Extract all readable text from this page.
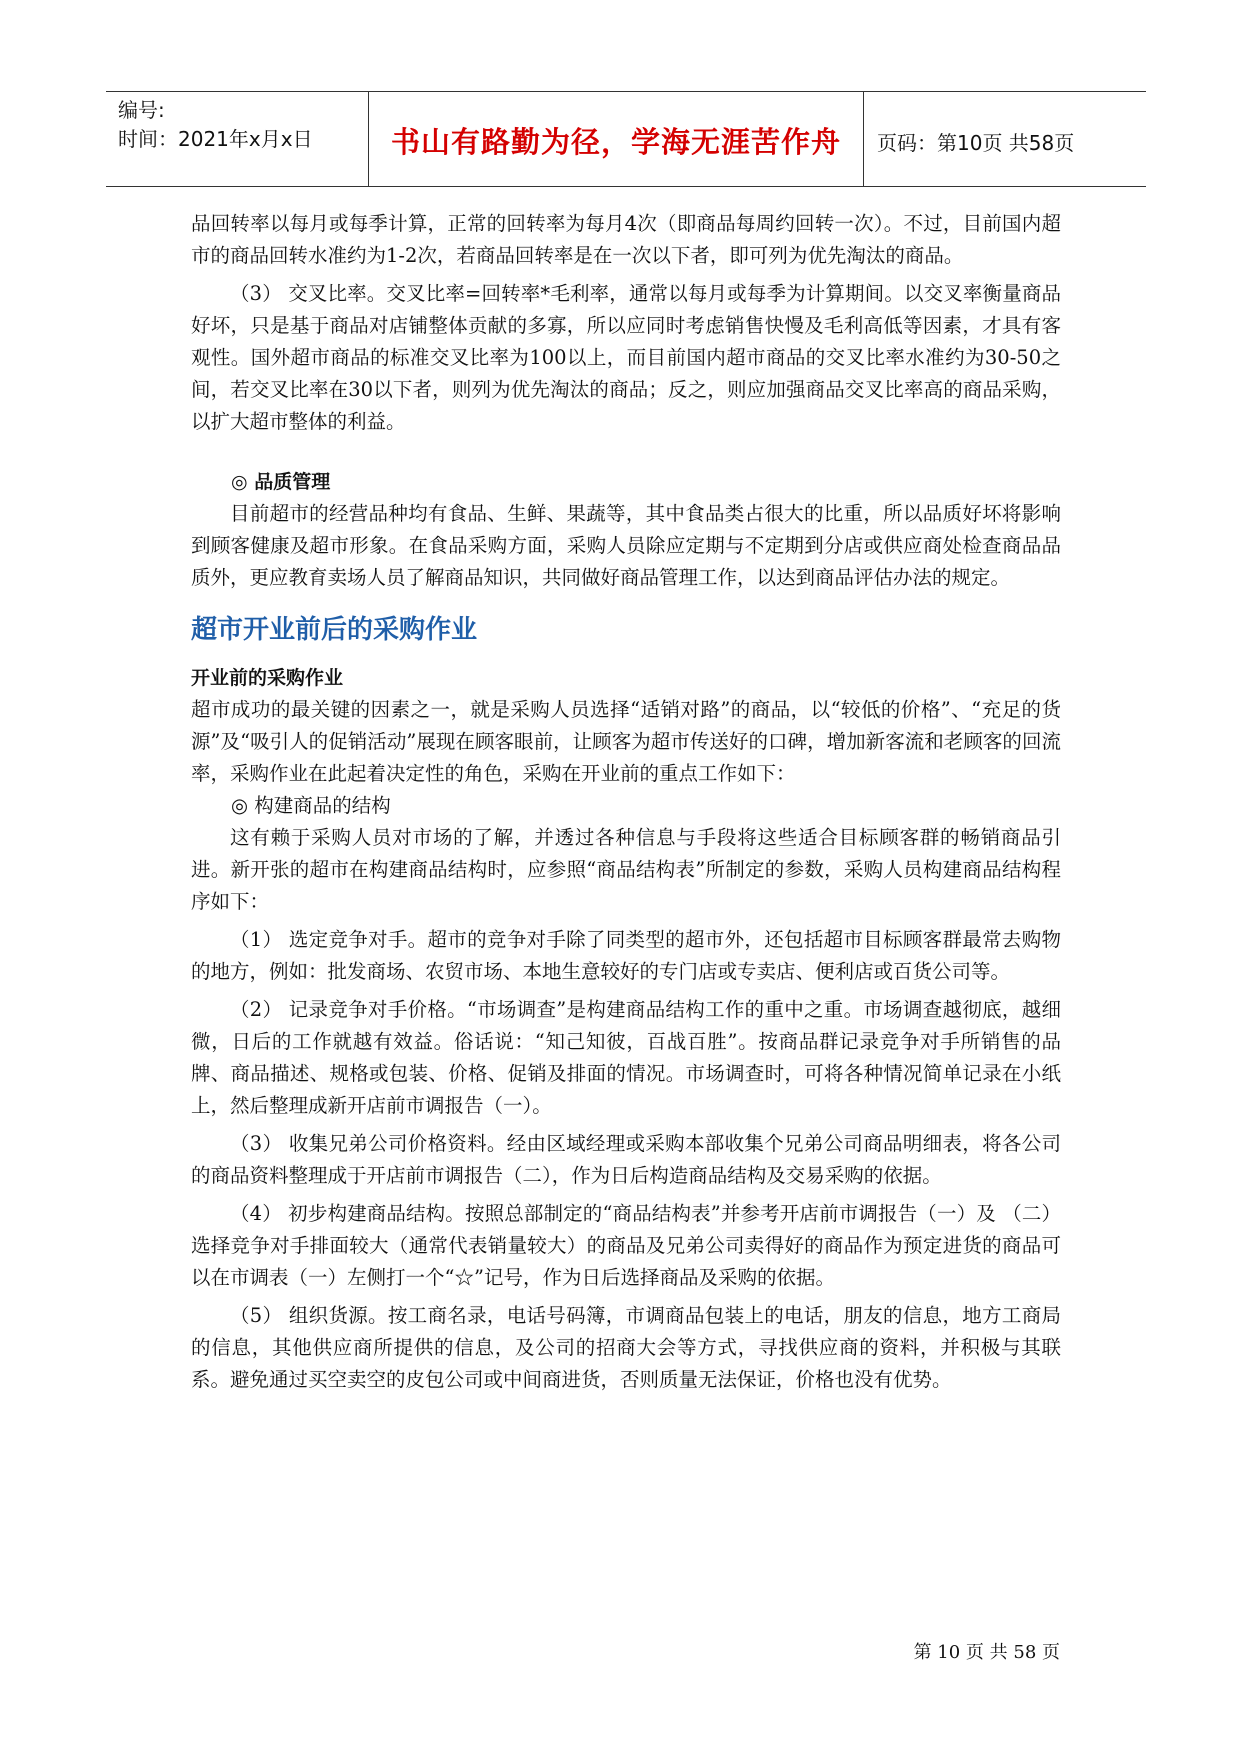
编号:
时间：2021年x月x日	书山有路勤为径，学海无涯苦作舟	页码：第10页 共58页

品回转率以每月或每季计算，正常的回转率为每月4次（即商品每周约回转一次）。不过，目前国内超市的商品回转水准约为1-2次，若商品回转率是在一次以下者，即可列为优先淘汰的商品。

（3） 交叉比率。交叉比率=回转率*毛利率，通常以每月或每季为计算期间。以交叉率衡量商品好坏，只是基于商品对店铺整体贡献的多寡，所以应同时考虑销售快慢及毛利高低等因素，才具有客观性。国外超市商品的标准交叉比率为100以上，而目前国内超市商品的交叉比率水准约为30-50之间，若交叉比率在30以下者，则列为优先淘汰的商品；反之，则应加强商品交叉比率高的商品采购，以扩大超市整体的利益。

◎ 品质管理

目前超市的经营品种均有食品、生鲜、果蔬等，其中食品类占很大的比重，所以品质好坏将影响到顾客健康及超市形象。在食品采购方面，采购人员除应定期与不定期到分店或供应商处检查商品品质外，更应教育卖场人员了解商品知识，共同做好商品管理工作，以达到商品评估办法的规定。

超市开业前后的采购作业
开业前的采购作业

超市成功的最关键的因素之一，就是采购人员选择“适销对路”的商品，以“较低的价格”、“充足的货源”及“吸引人的促销活动”展现在顾客眼前，让顾客为超市传送好的口碑，增加新客流和老顾客的回流率，采购作业在此起着决定性的角色，采购在开业前的重点工作如下：

◎ 构建商品的结构

这有赖于采购人员对市场的了解，并透过各种信息与手段将这些适合目标顾客群的畅销商品引进。新开张的超市在构建商品结构时，应参照“商品结构表”所制定的参数，采购人员构建商品结构程序如下：

（1） 选定竞争对手。超市的竞争对手除了同类型的超市外，还包括超市目标顾客群最常去购物的地方，例如：批发商场、农贸市场、本地生意较好的专门店或专卖店、便利店或百货公司等。

（2） 记录竞争对手价格。“市场调查”是构建商品结构工作的重中之重。市场调查越彻底，越细微，日后的工作就越有效益。俗话说：“知己知彼，百战百胜”。按商品群记录竞争对手所销售的品牌、商品描述、规格或包装、价格、促销及排面的情况。市场调查时，可将各种情况简单记录在小纸上，然后整理成新开店前市调报告（一）。

（3） 收集兄弟公司价格资料。经由区域经理或采购本部收集个兄弟公司商品明细表，将各公司的商品资料整理成于开店前市调报告（二），作为日后构造商品结构及交易采购的依据。

（4） 初步构建商品结构。按照总部制定的“商品结构表”并参考开店前市调报告（一）及 （二）选择竞争对手排面较大（通常代表销量较大）的商品及兄弟公司卖得好的商品作为预定进货的商品可以在市调表（一）左侧打一个“☆”记号，作为日后选择商品及采购的依据。

（5） 组织货源。按工商名录，电话号码簿，市调商品包装上的电话，朋友的信息，地方工商局的信息，其他供应商所提供的信息，及公司的招商大会等方式，寻找供应商的资料，并积极与其联系。避免通过买空卖空的皮包公司或中间商进货，否则质量无法保证，价格也没有优势。

第 10 页 共 58 页
